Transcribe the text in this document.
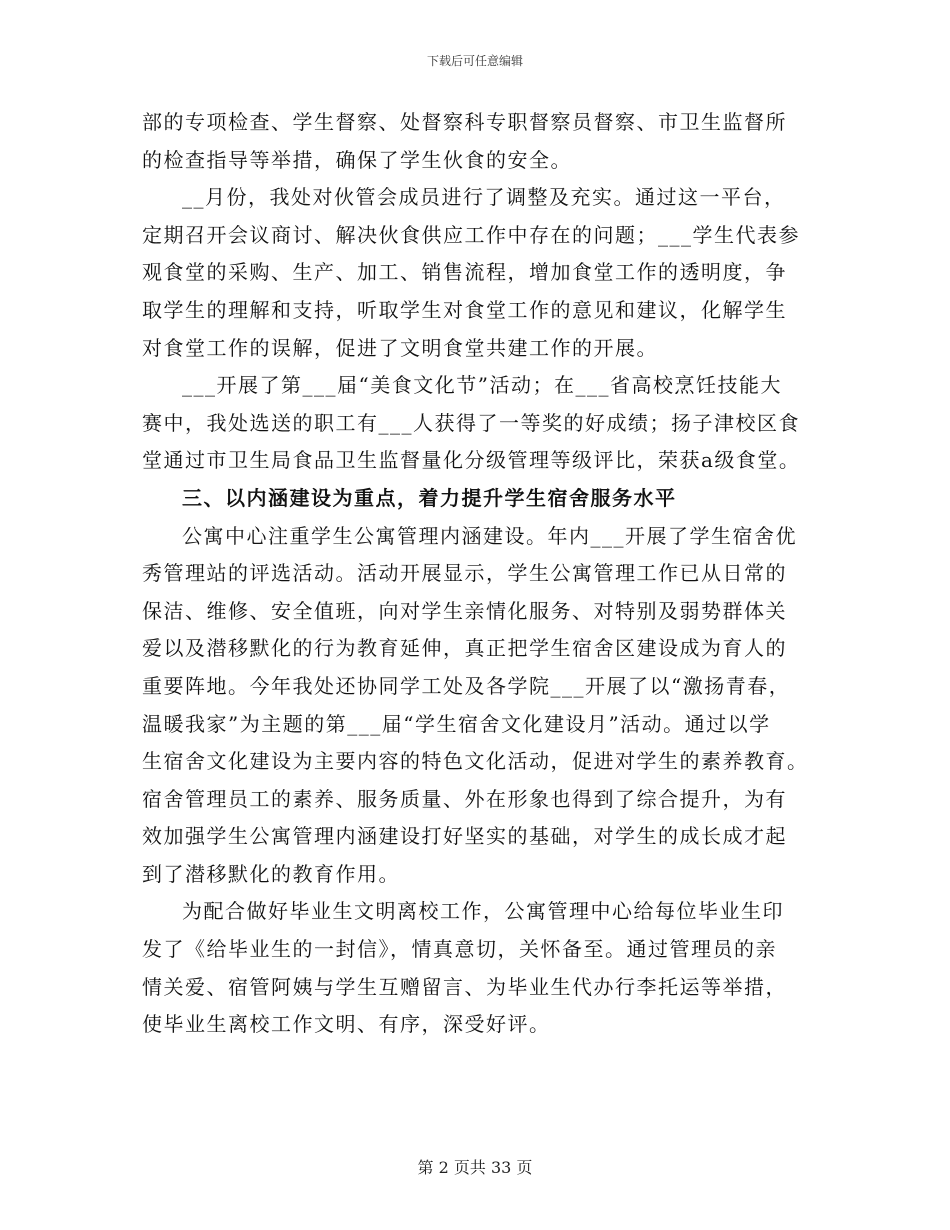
下载后可任意编辑

部的专项检查、学生督察、处督察科专职督察员督察、市卫生监督所
的检查指导等举措，确保了学生伙食的安全。

__月份，我处对伙管会成员进行了调整及充实。通过这一平台，
定期召开会议商讨、解决伙食供应工作中存在的问题；___学生代表参
观食堂的采购、生产、加工、销售流程，增加食堂工作的透明度，争
取学生的理解和支持，听取学生对食堂工作的意见和建议，化解学生
对食堂工作的误解，促进了文明食堂共建工作的开展。

___开展了第___届“美食文化节”活动；在___省高校烹饪技能大
赛中，我处选送的职工有___人获得了一等奖的好成绩；扬子津校区食
堂通过市卫生局食品卫生监督量化分级管理等级评比，荣获a级食堂。

三、以内涵建设为重点，着力提升学生宿舍服务水平

公寓中心注重学生公寓管理内涵建设。年内___开展了学生宿舍优
秀管理站的评选活动。活动开展显示，学生公寓管理工作已从日常的
保洁、维修、安全值班，向对学生亲情化服务、对特别及弱势群体关
爱以及潜移默化的行为教育延伸，真正把学生宿舍区建设成为育人的
重要阵地。今年我处还协同学工处及各学院___开展了以“激扬青春，
温暖我家”为主题的第___届“学生宿舍文化建设月”活动。通过以学
生宿舍文化建设为主要内容的特色文化活动，促进对学生的素养教育。
宿舍管理员工的素养、服务质量、外在形象也得到了综合提升，为有
效加强学生公寓管理内涵建设打好坚实的基础，对学生的成长成才起
到了潜移默化的教育作用。

为配合做好毕业生文明离校工作，公寓管理中心给每位毕业生印
发了《给毕业生的一封信》，情真意切，关怀备至。通过管理员的亲
情关爱、宿管阿姨与学生互赠留言、为毕业生代办行李托运等举措，
使毕业生离校工作文明、有序，深受好评。

第 2 页共 33 页
